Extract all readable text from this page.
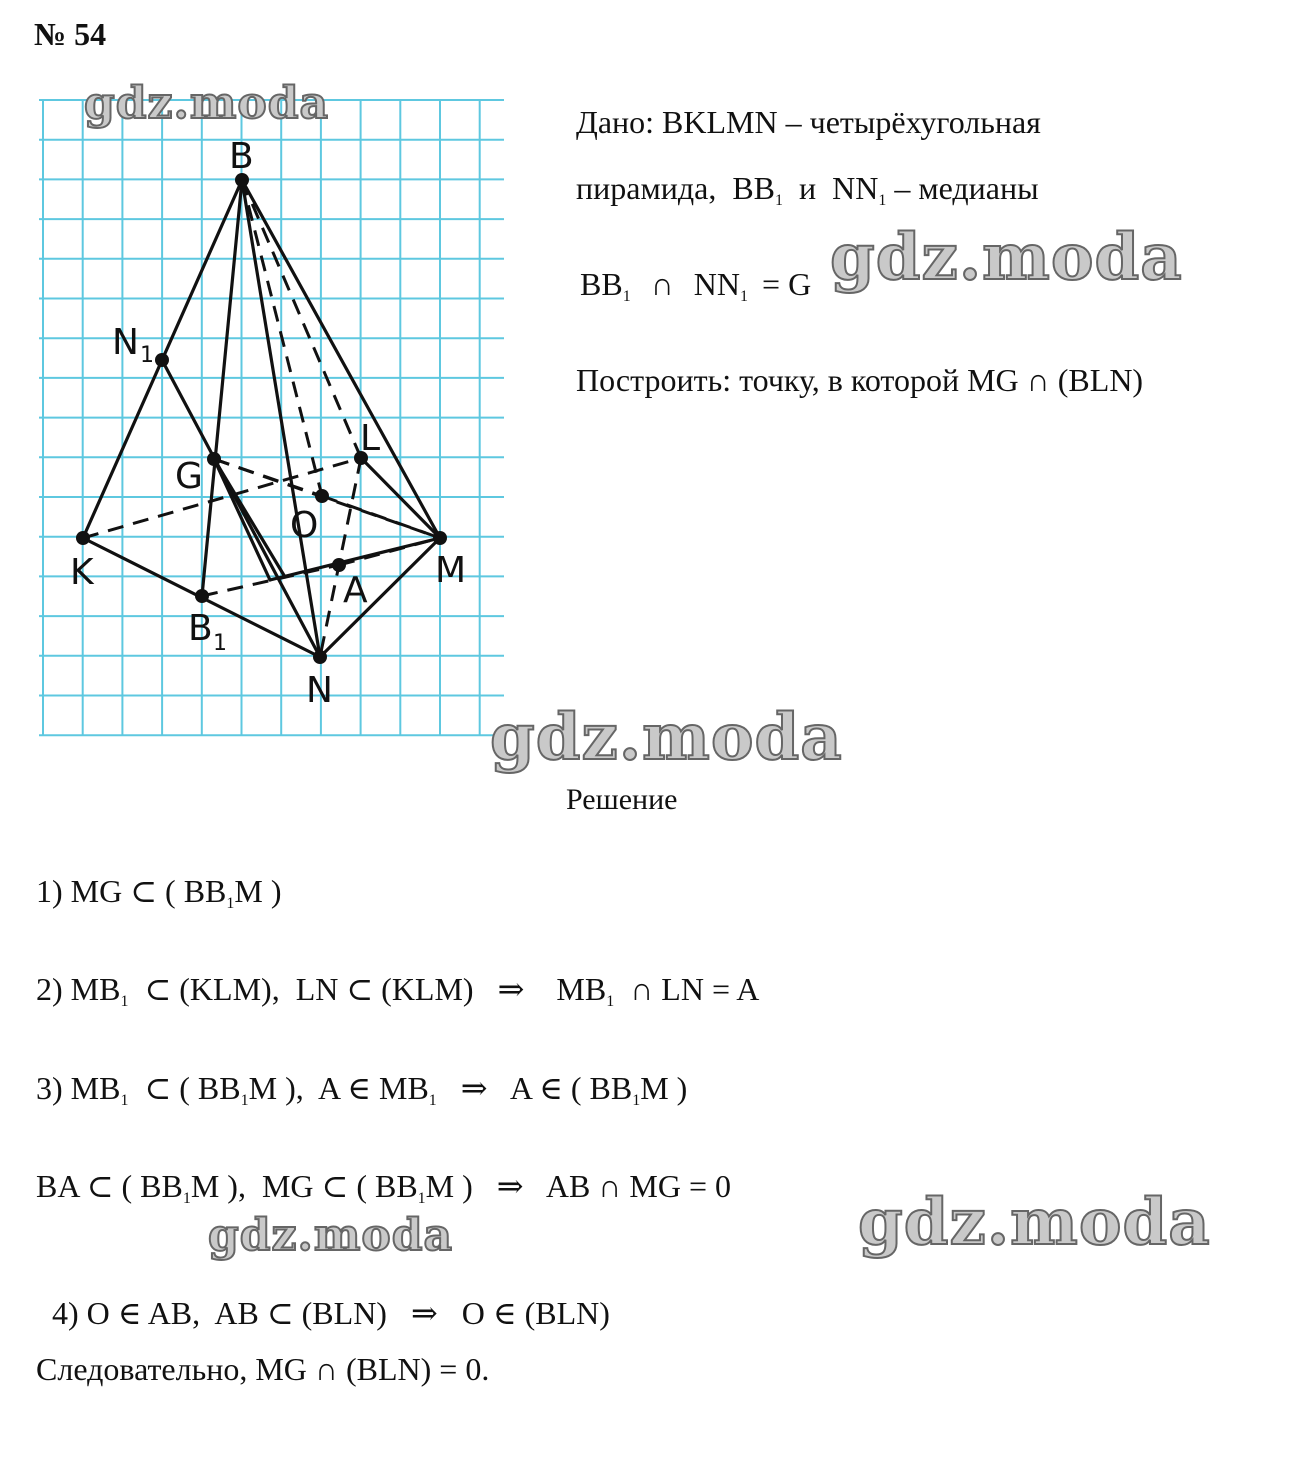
№ 54
B
N 1
G
L
O
K	A M
B 1
N
Дано: BKLMN – четырёхугольная
пирамида, BB1 и NN1 – медианы
BB1 ∩ NN1 = G
Построить: точку, в которой MG ∩ (BLN)
Решение
1) MG ⊂ ( BB1M )
2) MB1  ⊂ (KLM),  LN ⊂ (KLM)   ⇒    MB1  ∩ LN = A
3) MB1  ⊂ ( BB1M ),  A ∈ MB1   ⇒   A ∈ ( BB1M )
BA ⊂ ( BB1M ),  MG ⊂ ( BB1M )   ⇒   AB ∩ MG = 0

4) O ∈ AB,  AB ⊂ (BLN)   ⇒   O ∈ (BLN)

Следовательно, MG ∩ (BLN) = 0.
gdz.moda
gdz.moda
gdz.moda
gdz.moda	gdz.moda
